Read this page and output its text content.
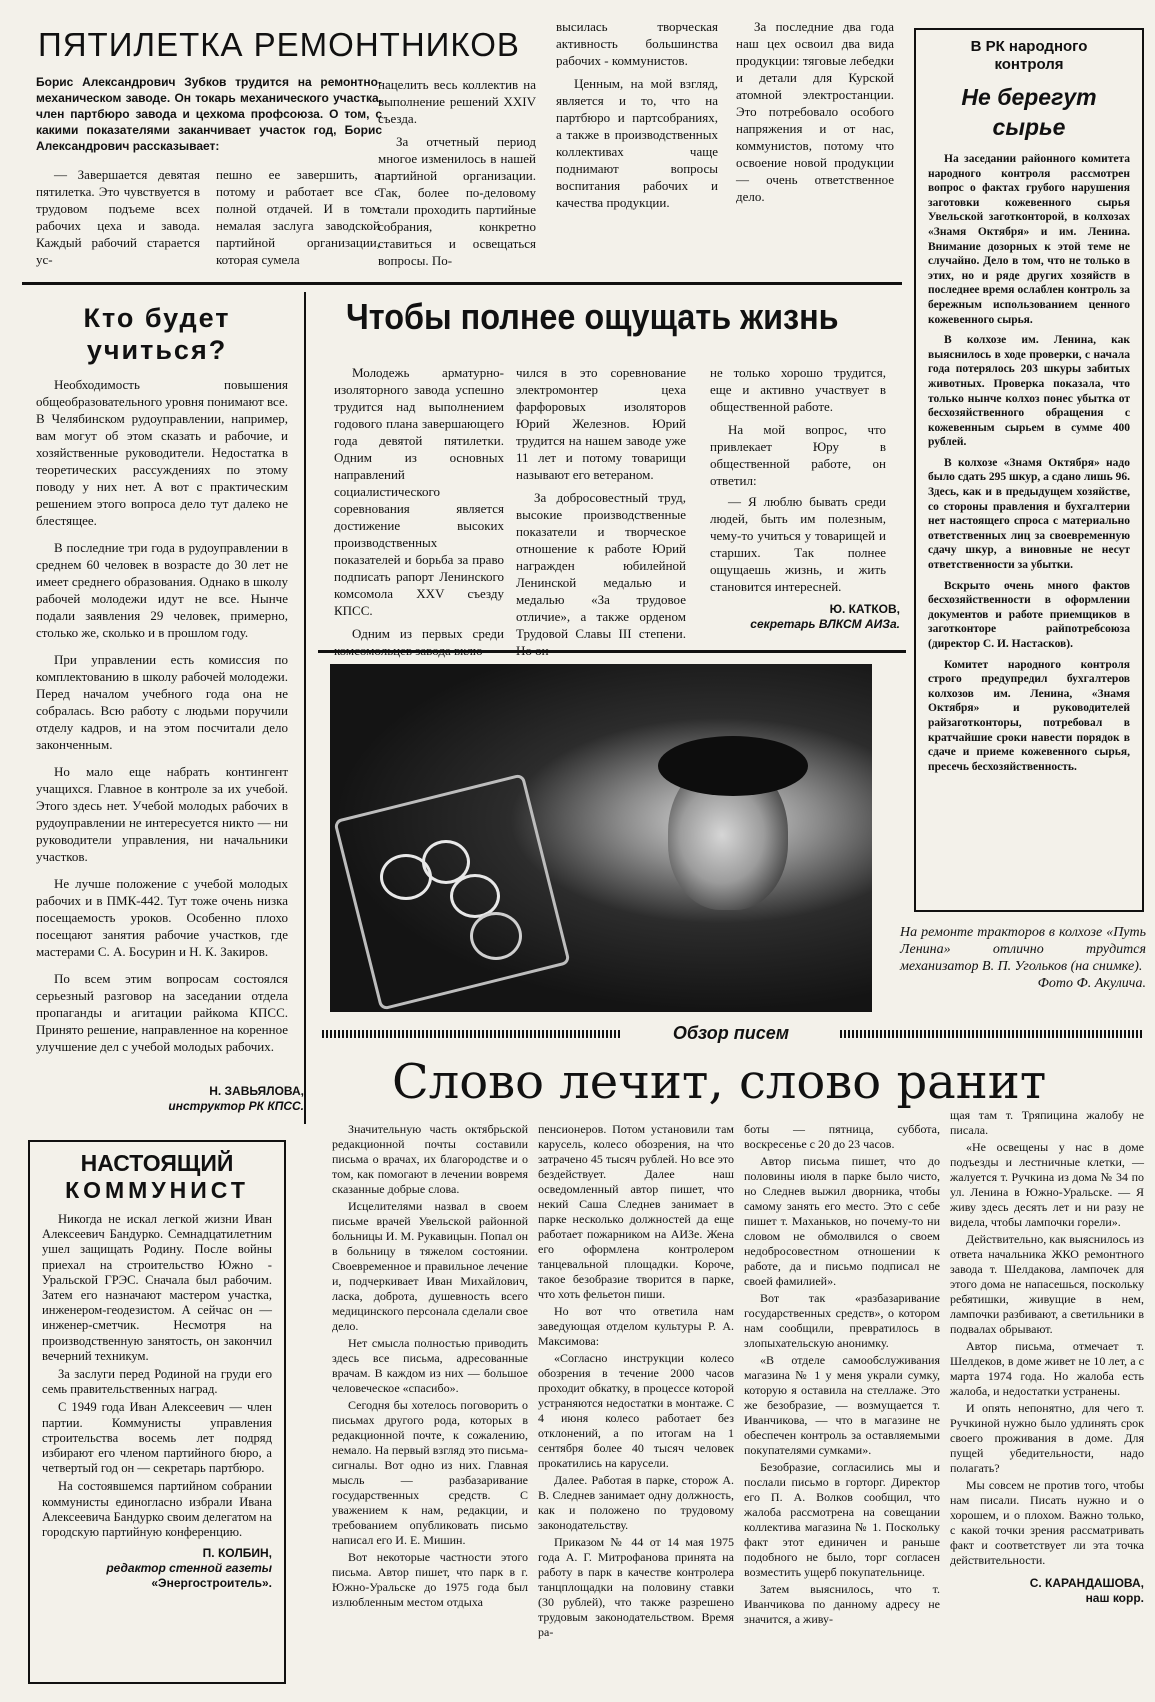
ПЯТИЛЕТКА РЕМОНТНИКОВ
Борис Александрович Зубков трудится на ремонтно-механическом заводе. Он токарь механического участка, член партбюро завода и цехкома профсоюза. О том, с какими показателями заканчивает участок год, Борис Александрович рассказывает:

— Завершается девятая пятилетка. Это чувствуется в трудовом подъеме всех рабочих цеха и завода. Каждый рабочий старается ус-

пешно ее завершить, а потому и работает все с полной отдачей. И в том немалая заслуга заводской партийной организации, которая сумела

нацелить весь коллектив на выполнение решений XXIV съезда.

За отчетный период многое изменилось в нашей партийной организации. Так, более по-деловому стали проходить партийные собрания, конкретно ставиться и освещаться вопросы. По-

высилась творческая активность большинства рабочих - коммунистов.

Ценным, на мой взгляд, является и то, что на партбюро и партсобраниях, а также в производственных коллективах чаще поднимают вопросы воспитания рабочих и качества продукции.

За последние два года наш цех освоил два вида продукции: тяговые лебедки и детали для Курской атомной электростанции. Это потребовало особого напряжения и от нас, коммунистов, потому что освоение новой продукции — очень ответственное дело.

В РК народного контроля
Не берегут сырье

На заседании районного комитета народного контроля рассмотрен вопрос о фактах грубого нарушения заготовки кожевенного сырья Увельской заготконторой, в колхозах «Знамя Октября» и им. Ленина. Внимание дозорных к этой теме не случайно. Дело в том, что не только в этих, но и ряде других хозяйств в последнее время ослаблен контроль за бережным использованием ценного кожевенного сырья.

В колхозе им. Ленина, как выяснилось в ходе проверки, с начала года потерялось 203 шкуры забитых животных. Проверка показала, что только нынче колхоз понес убытка от бесхозяйственного обращения с кожевенным сырьем в сумме 400 рублей.

В колхозе «Знамя Октября» надо было сдать 295 шкур, а сдано лишь 96. Здесь, как и в предыдущем хозяйстве, со стороны правления и бухгалтерии нет настоящего спроса с материально ответственных лиц за своевременную сдачу шкур, а виновные не несут ответственности за убытки.

Вскрыто очень много фактов бесхозяйственности в оформлении документов и работе приемщиков в заготконторе райпотребсоюза (директор С. И. Настасков).

Комитет народного контроля строго предупредил бухгалтеров колхозов им. Ленина, «Знамя Октября» и руководителей райзаготконторы, потребовал в кратчайшие сроки навести порядок в сдаче и приеме кожевенного сырья, пресечь бесхозяйственность.

Кто будет учиться?

Необходимость повышения общеобразовательного уровня понимают все. В Челябинском рудоуправлении, например, вам могут об этом сказать и рабочие, и хозяйственные руководители. Недостатка в теоретических рассуждениях по этому поводу у них нет. А вот с практическим решением этого вопроса дело тут далеко не блестящее.

В последние три года в рудоуправлении в среднем 60 человек в возрасте до 30 лет не имеет среднего образования. Однако в школу рабочей молодежи идут не все. Нынче подали заявления 29 человек, примерно, столько же, сколько и в прошлом году.

При управлении есть комиссия по комплектованию в школу рабочей молодежи. Перед началом учебного года она не собралась. Всю работу с людьми поручили отделу кадров, и на этом посчитали дело законченным.

Но мало еще набрать контингент учащихся. Главное в контроле за их учебой. Этого здесь нет. Учебой молодых рабочих в рудоуправлении не интересуется никто — ни руководители управления, ни начальники участков.

Не лучше положение с учебой молодых рабочих и в ПМК-442. Тут тоже очень низка посещаемость уроков. Особенно плохо посещают занятия рабочие участков, где мастерами С. А. Босурин и Н. К. Закиров.

По всем этим вопросам состоялся серьезный разговор на заседании отдела пропаганды и агитации райкома КПСС. Принято решение, направленное на коренное улучшение дел с учебой молодых рабочих.

Н. ЗАВЬЯЛОВА,
инструктор РК КПСС.
Чтобы полнее ощущать жизнь

Молодежь арматурно-изоляторного завода успешно трудится над выполнением годового плана завершающего года девятой пятилетки. Одним из основных направлений социалистического соревнования является достижение высоких производственных показателей и борьба за право подписать рапорт Ленинского комсомола XXV съезду КПСС.

Одним из первых среди

чился в это соревнование электромонтер цеха фарфоровых изоляторов Юрий Железнов. Юрий трудится на нашем заводе уже 11 лет и потому товарищи называют его ветераном.

За добросовестный труд, высокие производственные показатели и творческое отношение к работе Юрий награжден юбилейной Ленинской медалью и медалью «За трудовое отличие», а также орденом Трудовой Славы III степени.

не только хорошо трудится, еще и активно участвует в общественной работе.

На мой вопрос, что привлекает Юру в общественной работе, он ответил:

— Я люблю бывать среди людей, быть им полезным, чему-то учиться у товарищей и старших. Так полнее ощущаешь жизнь, и жить становится интересней.

Ю. КАТКОВ,
секретарь ВЛКСМ АИЗа.
На ремонте тракторов в колхозе «Путь Ленина» отлично трудится механизатор В. П. Угольков (на снимке).
Фото Ф. Акулича.
НАСТОЯЩИЙ
КОММУНИСТ

Никогда не искал легкой жизни Иван Алексеевич Бандурко. Семнадцатилетним ушел защищать Родину. После войны приехал на строительство Южно - Уральской ГРЭС. Сначала был рабочим. Затем его назначают мастером участка, инженером-геодезистом. А сейчас он — инженер-сметчик. Несмотря на производственную занятость, он закончил вечерний техникум.

За заслуги перед Родиной на груди его семь правительственных наград.

С 1949 года Иван Алексеевич — член партии. Коммунисты управления строительства восемь лет подряд избирают его членом партийного бюро, а четвертый год он — секретарь партбюро.

На состоявшемся партийном собрании коммунисты единогласно избрали Ивана Алексеевича Бандурко своим делегатом на городскую партийную конференцию.

П. КОЛБИН,
редактор стенной газеты
«Энергостроитель».
Обзор писем
Слово лечит, слово ранит

Значительную часть октябрьской редакционной почты составили письма о врачах, их благородстве и о том, как помогают в лечении вовремя сказанные добрые слова.

Исцелителями назвал в своем письме врачей Увельской районной больницы И. М. Рукавицын. Попал он в больницу в тяжелом состоянии. Своевременное и правильное лечение и, подчеркивает Иван Михайлович, ласка, доброта, душевность всего медицинского персонала сделали свое дело.

Нет смысла полностью приводить здесь все письма, адресованные врачам. В каждом из них — большое человеческое «спасибо».

Сегодня бы хотелось поговорить о письмах другого рода, которых в редакционной почте, к сожалению, немало. На первый взгляд это письма-сигналы. Вот одно из них. Главная мысль — разбазаривание государственных средств. С уважением к нам, редакции, и требованием опубликовать письмо написал его И. Е. Мишин.

Вот некоторые частности этого письма. Автор пишет, что парк в г. Южно-Уральске до 1975 года был излюбленным местом отдыха

пенсионеров. Потом установили там карусель, колесо обозрения, на что затрачено 45 тысяч рублей. Но все это бездействует. Далее наш осведомленный автор пишет, что некий Саша Следнев занимает в парке несколько должностей да еще работает пожарником на АИЗе. Жена его оформлена контролером танцевальной площадки. Короче, такое безобразие творится в парке, что хоть фельетон пиши.

Но вот что ответила нам заведующая отделом культуры Р. А. Максимова:

«Согласно инструкции колесо обозрения в течение 2000 часов проходит обкатку, в процессе которой устраняются недостатки в монтаже. С 4 июня колесо работает без отклонений, а по итогам на 1 сентября более 40 тысяч человек прокатились на карусели.

Далее. Работая в парке, сторож А. В. Следнев занимает одну должность, как и положено по трудовому законодательству.

Приказом № 44 от 14 мая 1975 года А. Г. Митрофанова принята на работу в парк в качестве контролера танцплощадки на половину ставки (30 рублей), что также разрешено трудовым законодательством. Время ра-

боты — пятница, суббота, воскресенье с 20 до 23 часов.

Автор письма пишет, что до половины июля в парке было чисто, но Следнев выжил дворника, чтобы самому занять его место. Это с себе пишет т. Маханьков, но почему-то ни словом не обмолвился о своем недобросовестном отношении к работе, да и письмо подписал не своей фамилией».

Вот так «разбазаривание государственных средств», о котором нам сообщили, превратилось в злопыхательскую анонимку.

«В отделе самообслуживания магазина № 1 у меня украли сумку, которую я оставила на стеллаже. Это же безобразие, — возмущается т. Иванчикова, — что в магазине не обеспечен контроль за оставляемыми покупателями сумками».

Безобразие, согласились мы и послали письмо в горторг. Директор его П. А. Волков сообщил, что жалоба рассмотрена на совещании коллектива магазина № 1. Поскольку факт этот единичен и раньше подобного не было, торг согласен возместить ущерб покупательнице.

Затем выяснилось, что т. Иванчикова по данному адресу не значится, а живу-

щая там т. Тряпицина жалобу не писала.

«Не освещены у нас в доме подъезды и лестничные клетки, — жалуется т. Ручкина из дома № 34 по ул. Ленина в Южно-Уральске. — Я живу здесь десять лет и ни разу не видела, чтобы лампочки горели».

Действительно, как выяснилось из ответа начальника ЖКО ремонтного завода т. Шелдакова, лампочек для этого дома не напасешься, поскольку ребятишки, живущие в нем, лампочки разбивают, а светильники в подвалах обрывают.

Автор письма, отмечает т. Шелдеков, в доме живет не 10 лет, а с марта 1974 года. Но жалоба есть жалоба, и недостатки устранены.

И опять непонятно, для чего т. Ручкиной нужно было удлинять срок своего проживания в доме. Для пущей убедительности, надо полагать?

Мы совсем не против того, чтобы нам писали. Писать нужно и о хорошем, и о плохом. Важно только, с какой точки зрения рассматривать факт и соответствует ли эта точка действительности.

С. КАРАНДАШОВА,
наш корр.
